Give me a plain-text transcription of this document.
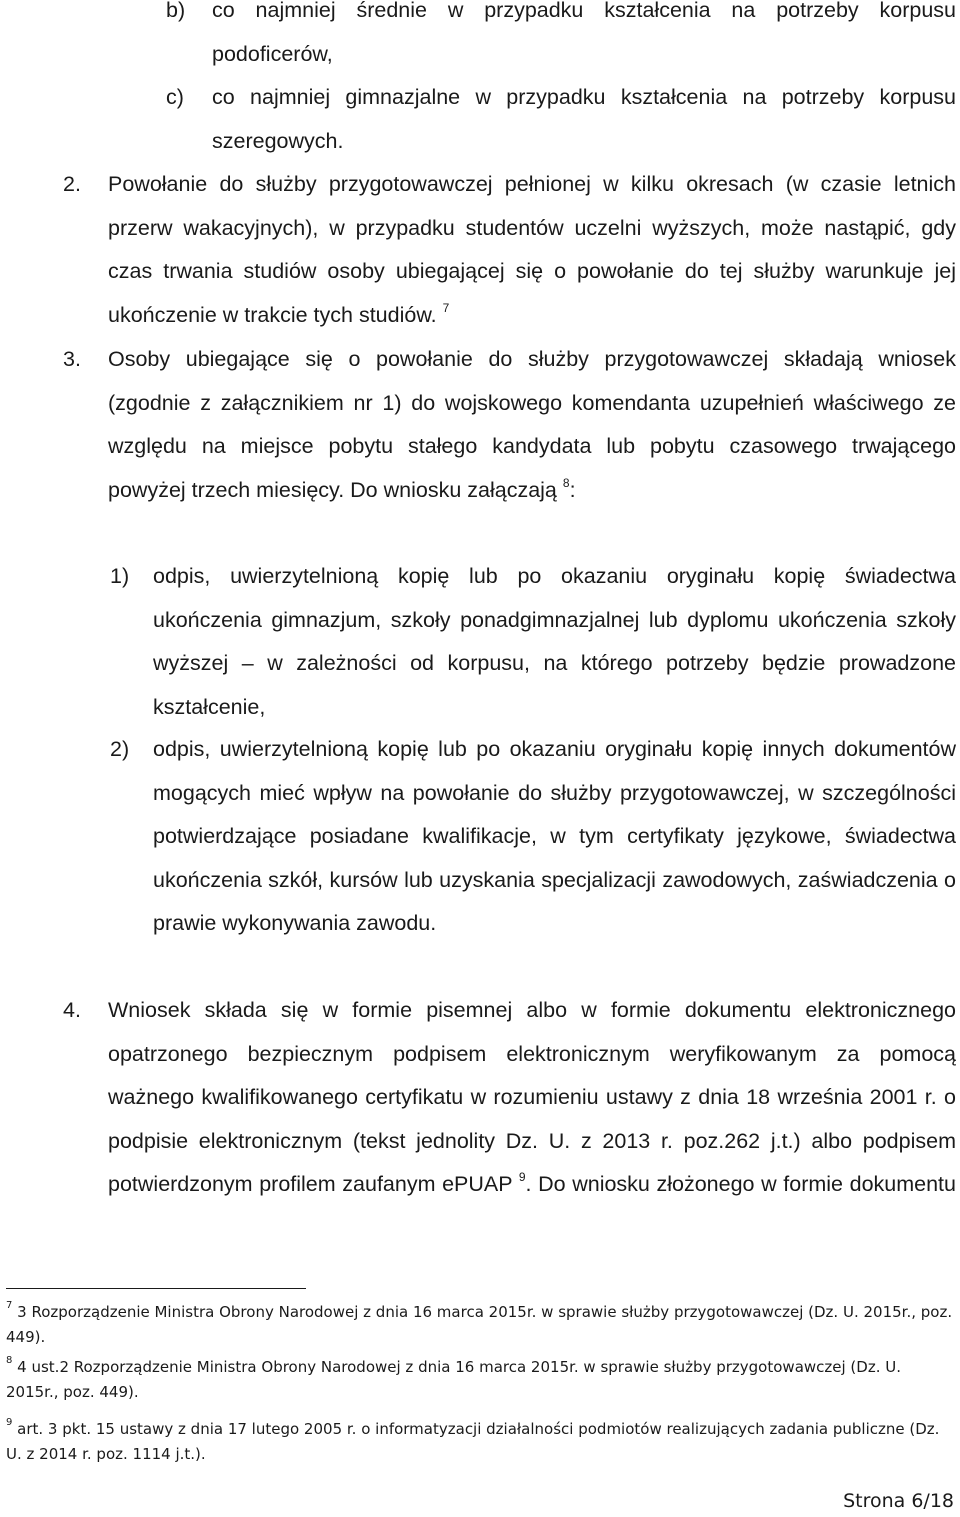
b)	co najmniej średnie w przypadku kształcenia na potrzeby korpusu podoficerów,
c)	co najmniej gimnazjalne w przypadku kształcenia na potrzeby korpusu szeregowych.
2.	Powołanie do służby przygotowawczej pełnionej w kilku okresach (w czasie letnich przerw wakacyjnych), w przypadku studentów uczelni wyższych, może nastąpić, gdy czas trwania studiów osoby ubiegającej się o powołanie do tej służby warunkuje jej ukończenie w trakcie tych studiów. $^7$
3.	Osoby ubiegające się o powołanie do służby przygotowawczej składają wniosek (zgodnie z załącznikiem nr 1) do wojskowego komendanta uzupełnień właściwego ze względu na miejsce pobytu stałego kandydata lub pobytu czasowego trwającego powyżej trzech miesięcy. Do wniosku załączają $^8$:
1)	odpis, uwierzytelnioną kopię lub po okazaniu oryginału kopię świadectwa ukończenia gimnazjum, szkoły ponadgimnazjalnej lub dyplomu ukończenia szkoły wyższej – w zależności od korpusu, na którego potrzeby będzie prowadzone kształcenie,
2)	odpis, uwierzytelnioną kopię lub po okazaniu oryginału kopię innych dokumentów mogących mieć wpływ na powołanie do służby przygotowawczej, w szczególności potwierdzające posiadane kwalifikacje, w tym certyfikaty językowe, świadectwa ukończenia szkół, kursów lub uzyskania specjalizacji zawodowych, zaświadczenia o prawie wykonywania zawodu.
4.	Wniosek składa się w formie pisemnej albo w formie dokumentu elektronicznego opatrzonego bezpiecznym podpisem elektronicznym weryfikowanym za pomocą ważnego kwalifikowanego certyfikatu w rozumieniu ustawy z dnia 18 września 2001 r. o podpisie elektronicznym (tekst jednolity Dz. U. z 2013 r. poz.262 j.t.) albo podpisem potwierdzonym profilem zaufanym ePUAP $^9$. Do wniosku złożonego w formie dokumentu
$^7$ 3 Rozporządzenie Ministra Obrony Narodowej z dnia 16 marca 2015r. w sprawie służby przygotowawczej (Dz. U. 2015r., poz. 449).
$^8$ 4 ust.2 Rozporządzenie Ministra Obrony Narodowej z dnia 16 marca 2015r. w sprawie służby przygotowawczej (Dz. U. 2015r., poz. 449).
$^9$ art. 3 pkt. 15 ustawy z dnia 17 lutego 2005 r. o informatyzacji działalności podmiotów realizujących zadania publiczne (Dz. U. z 2014 r. poz. 1114 j.t.).
Strona 6/18
